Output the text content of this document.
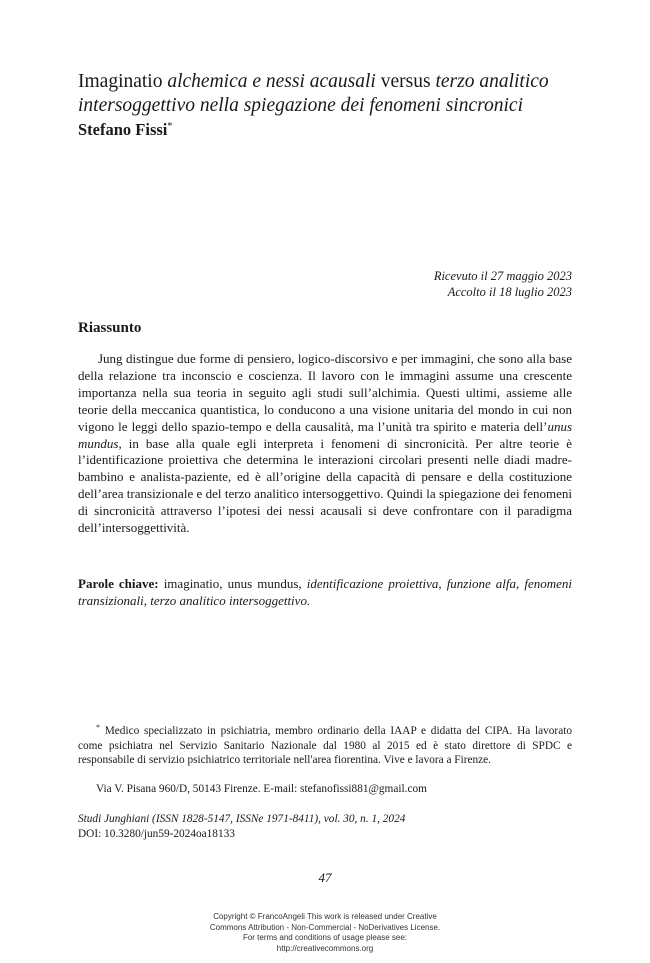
Imaginatio alchemica e nessi acausali versus terzo analitico intersoggettivo nella spiegazione dei fenomeni sincronici
Stefano Fissi*
Ricevuto il 27 maggio 2023
Accolto il 18 luglio 2023
Riassunto

Jung distingue due forme di pensiero, logico-discorsivo e per immagini, che sono alla base della relazione tra inconscio e coscienza. Il lavoro con le immagini assume una crescente importanza nella sua teoria in seguito agli studi sull’alchimia. Questi ultimi, assieme alle teorie della meccanica quantistica, lo conducono a una visione unitaria del mondo in cui non vigono le leggi dello spazio-tempo e della causalità, ma l’unità tra spirito e materia dell’unus mundus, in base alla quale egli interpreta i fenomeni di sincronicità. Per altre teorie è l’identificazione proiettiva che determina le interazioni circolari presenti nelle diadi madre-bambino e analista-paziente, ed è all’origine della capacità di pensare e della costituzione dell’area transizionale e del terzo analitico intersoggettivo. Quindi la spiegazione dei fenomeni di sincronicità attraverso l’ipotesi dei nessi acausali si deve confrontare con il paradigma dell’intersoggettività.

Parole chiave: imaginatio, unus mundus, identificazione proiettiva, funzione alfa, fenomeni transizionali, terzo analitico intersoggettivo.

* Medico specializzato in psichiatria, membro ordinario della IAAP e didatta del CIPA. Ha lavorato come psichiatra nel Servizio Sanitario Nazionale dal 1980 al 2015 ed è stato direttore di SPDC e responsabile di servizio psichiatrico territoriale nell'area fiorentina. Vive e lavora a Firenze.

Via V. Pisana 960/D, 50143 Firenze. E-mail: stefanofissi881@gmail.com
Studi Junghiani (ISSN 1828-5147, ISSNe 1971-8411), vol. 30, n. 1, 2024
DOI: 10.3280/jun59-2024oa18133
47
Copyright © FrancoAngeli This work is released under Creative
Commons Attribution - Non-Commercial - NoDerivatives License.
For terms and conditions of usage please see:
http://creativecommons.org
